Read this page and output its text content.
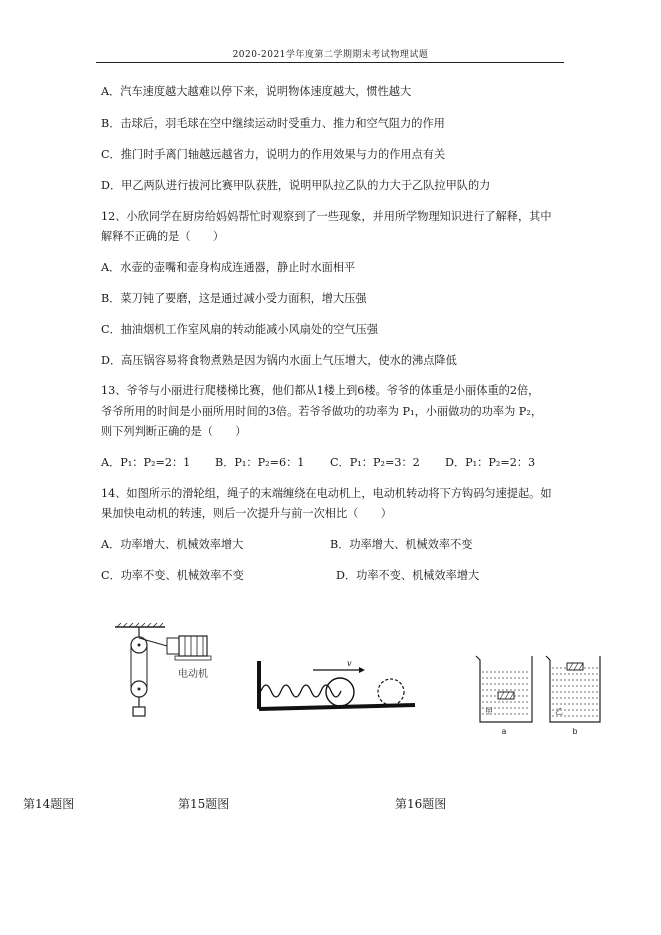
2020-2021学年度第二学期期末考试物理试题
A．汽车速度越大越难以停下来，说明物体速度越大，惯性越大
B．击球后，羽毛球在空中继续运动时受重力、推力和空气阻力的作用
C．推门时手离门轴越远越省力，说明力的作用效果与力的作用点有关
D．甲乙两队进行拔河比赛甲队获胜，说明甲队拉乙队的力大于乙队拉甲队的力
12、小欣同学在厨房给妈妈帮忙时观察到了一些现象，并用所学物理知识进行了解释，其中
解释不正确的是（　　）
A．水壶的壶嘴和壶身构成连通器，静止时水面相平
B．菜刀钝了要磨，这是通过减小受力面积，增大压强
C．抽油烟机工作室风扇的转动能减小风扇处的空气压强
D．高压锅容易将食物煮熟是因为锅内水面上气压增大，使水的沸点降低
13、爷爷与小丽进行爬楼梯比赛，他们都从1楼上到6楼。爷爷的体重是小丽体重的2倍，
爷爷所用的时间是小丽所用时间的3倍。若爷爷做功的功率为 P₁，小丽做功的功率为 P₂，
则下列判断正确的是（　　）
A．P₁：P₂=2：1 B．P₁：P₂=6：1 C．P₁：P₂=3：2 D．P₁：P₂=2：3
14、如图所示的滑轮组，绳子的末端缠绕在电动机上，电动机转动将下方钩码匀速提起。如
果加快电动机的转速，则后一次提升与前一次相比（　　）
A．功率增大、机械效率增大	B．功率增大、机械效率不变
C．功率不变、机械效率不变	D．功率不变、机械效率增大
电动机
v
甲
a
乙
b
第14题图	第15题图	第16题图
